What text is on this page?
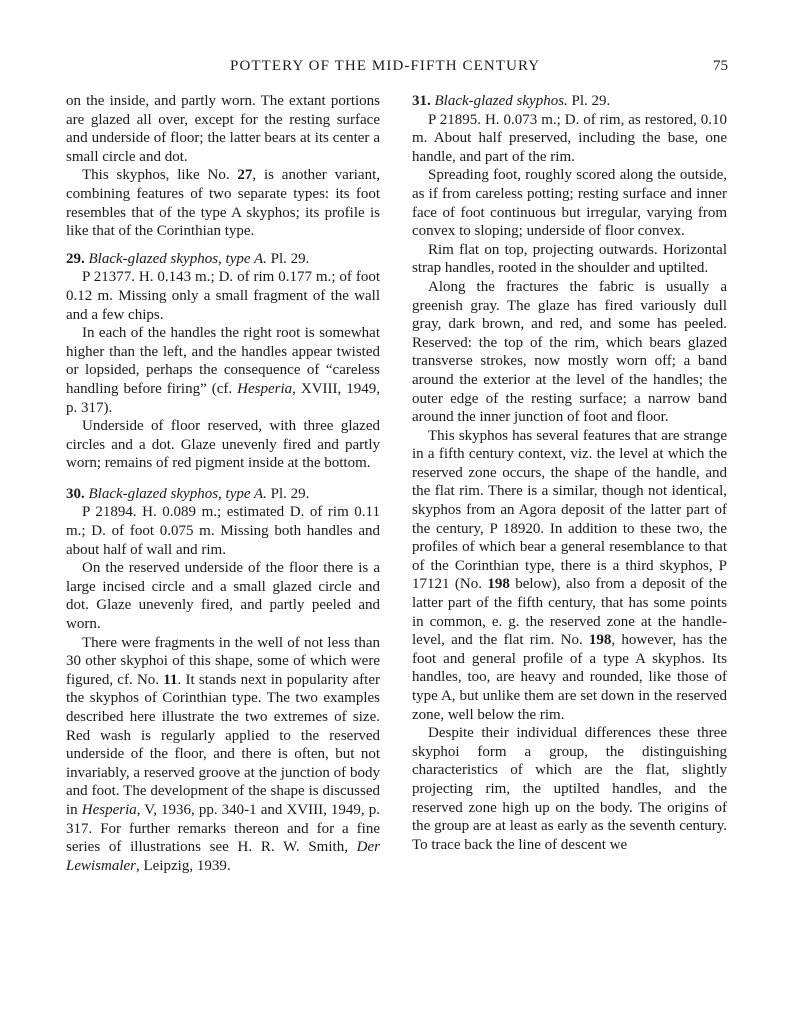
POTTERY OF THE MID-FIFTH CENTURY	75

on the inside, and partly worn. The extant portions are glazed all over, except for the resting surface and underside of floor; the latter bears at its center a small circle and dot.

This skyphos, like No. 27, is another variant, combining features of two separate types: its foot resembles that of the type A skyphos; its profile is like that of the Corinthian type.

29. Black-glazed skyphos, type A. Pl. 29.

P 21377. H. 0.143 m.; D. of rim 0.177 m.; of foot 0.12 m. Missing only a small fragment of the wall and a few chips.

In each of the handles the right root is somewhat higher than the left, and the handles appear twisted or lopsided, perhaps the consequence of “careless handling before firing” (cf. Hesperia, XVIII, 1949, p. 317).

Underside of floor reserved, with three glazed circles and a dot. Glaze unevenly fired and partly worn; remains of red pigment inside at the bottom.

30. Black-glazed skyphos, type A. Pl. 29.

P 21894. H. 0.089 m.; estimated D. of rim 0.11 m.; D. of foot 0.075 m. Missing both handles and about half of wall and rim.

On the reserved underside of the floor there is a large incised circle and a small glazed circle and dot. Glaze unevenly fired, and partly peeled and worn.

There were fragments in the well of not less than 30 other skyphoi of this shape, some of which were figured, cf. No. 11. It stands next in popularity after the skyphos of Corinthian type. The two examples described here illustrate the two extremes of size. Red wash is regularly applied to the reserved underside of the floor, and there is often, but not invariably, a reserved groove at the junction of body and foot. The development of the shape is discussed in Hesperia, V, 1936, pp. 340-1 and XVIII, 1949, p. 317. For further remarks thereon and for a fine series of illustrations see H. R. W. Smith, Der Lewismaler, Leipzig, 1939.

31. Black-glazed skyphos. Pl. 29.

P 21895. H. 0.073 m.; D. of rim, as restored, 0.10 m. About half preserved, including the base, one handle, and part of the rim.

Spreading foot, roughly scored along the outside, as if from careless potting; resting surface and inner face of foot continuous but irregular, varying from convex to sloping; underside of floor convex.

Rim flat on top, projecting outwards. Horizontal strap handles, rooted in the shoulder and uptilted.

Along the fractures the fabric is usually a greenish gray. The glaze has fired variously dull gray, dark brown, and red, and some has peeled. Reserved: the top of the rim, which bears glazed transverse strokes, now mostly worn off; a band around the exterior at the level of the handles; the outer edge of the resting surface; a narrow band around the inner junction of foot and floor.

This skyphos has several features that are strange in a fifth century context, viz. the level at which the reserved zone occurs, the shape of the handle, and the flat rim. There is a similar, though not identical, skyphos from an Agora deposit of the latter part of the century, P 18920. In addition to these two, the profiles of which bear a general resemblance to that of the Corinthian type, there is a third skyphos, P 17121 (No. 198 below), also from a deposit of the latter part of the fifth century, that has some points in common, e. g. the reserved zone at the handle-level, and the flat rim. No. 198, however, has the foot and general profile of a type A skyphos. Its handles, too, are heavy and rounded, like those of type A, but unlike them are set down in the reserved zone, well below the rim.

Despite their individual differences these three skyphoi form a group, the distinguishing characteristics of which are the flat, slightly projecting rim, the uptilted handles, and the reserved zone high up on the body. The origins of the group are at least as early as the seventh century. To trace back the line of descent we
